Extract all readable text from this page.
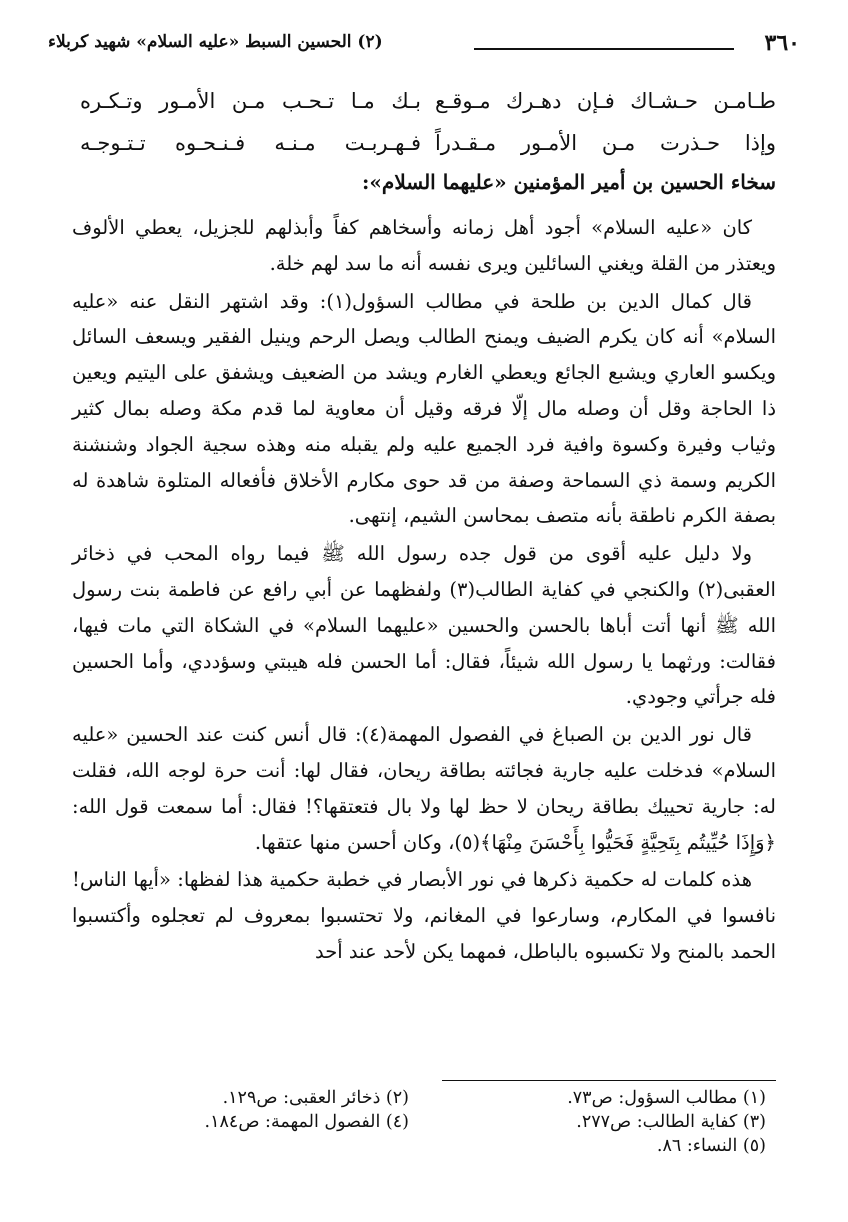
٣٦٠
(٢) الحسين السبط «عليه السلام» شهيد كربلاء
طـامـن حـشـاك فـإن دهـرك مـوقـع
بـك مـا تـحـب مـن الأمـور وتـكـره
وإذا حـذرت مـن الأمـور مـقـدراً
فـهـربـت مـنـه فـنـحـوه تـتـوجـه
سخاء الحسين بن أمير المؤمنين «عليهما السلام»:

كان «عليه السلام» أجود أهل زمانه وأسخاهم كفاً وأبذلهم للجزيل، يعطي الألوف ويعتذر من القلة ويغني السائلين ويرى نفسه أنه ما سد لهم خلة.

قال كمال الدين بن طلحة في مطالب السؤول(١): وقد اشتهر النقل عنه «عليه السلام» أنه كان يكرم الضيف ويمنح الطالب ويصل الرحم وينيل الفقير ويسعف السائل ويكسو العاري ويشبع الجائع ويعطي الغارم ويشد من الضعيف ويشفق على اليتيم ويعين ذا الحاجة وقل أن وصله مال إلّا فرقه وقيل أن معاوية لما قدم مكة وصله بمال كثير وثياب وفيرة وكسوة وافية فرد الجميع عليه ولم يقبله منه وهذه سجية الجواد وشنشنة الكريم وسمة ذي السماحة وصفة من قد حوى مكارم الأخلاق فأفعاله المتلوة شاهدة له بصفة الكرم ناطقة بأنه متصف بمحاسن الشيم، إنتهى.

ولا دليل عليه أقوى من قول جده رسول الله ﷺ فيما رواه المحب في ذخائر العقبى(٢) والكنجي في كفاية الطالب(٣) ولفظهما عن أبي رافع عن فاطمة بنت رسول الله ﷺ أنها أتت أباها بالحسن والحسين «عليهما السلام» في الشكاة التي مات فيها، فقالت: ورثهما يا رسول الله شيئاً، فقال: أما الحسن فله هيبتي وسؤددي، وأما الحسين فله جرأتي وجودي.

قال نور الدين بن الصباغ في الفصول المهمة(٤): قال أنس كنت عند الحسين «عليه السلام» فدخلت عليه جارية فجائته بطاقة ريحان، فقال لها: أنت حرة لوجه الله، فقلت له: جارية تحييك بطاقة ريحان لا حظ لها ولا بال فتعتقها؟! فقال: أما سمعت قول الله: ﴿وَإِذَا حُيِّيتُم بِتَحِيَّةٍ فَحَيُّوا بِأَحْسَنَ مِنْهَا﴾(٥)، وكان أحسن منها عتقها.

هذه كلمات له حكمية ذكرها في نور الأبصار في خطبة حكمية هذا لفظها: «أيها الناس! نافسوا في المكارم، وسارعوا في المغانم، ولا تحتسبوا بمعروف لم تعجلوه وأكتسبوا الحمد بالمنح ولا تكسبوه بالباطل، فمهما يكن لأحد عند أحد

(١) مطالب السؤول: ص٧٣.
(٢) ذخائر العقبى: ص١٢٩.
(٣) كفاية الطالب: ص٢٧٧.
(٤) الفصول المهمة: ص١٨٤.
(٥) النساء: ٨٦.
